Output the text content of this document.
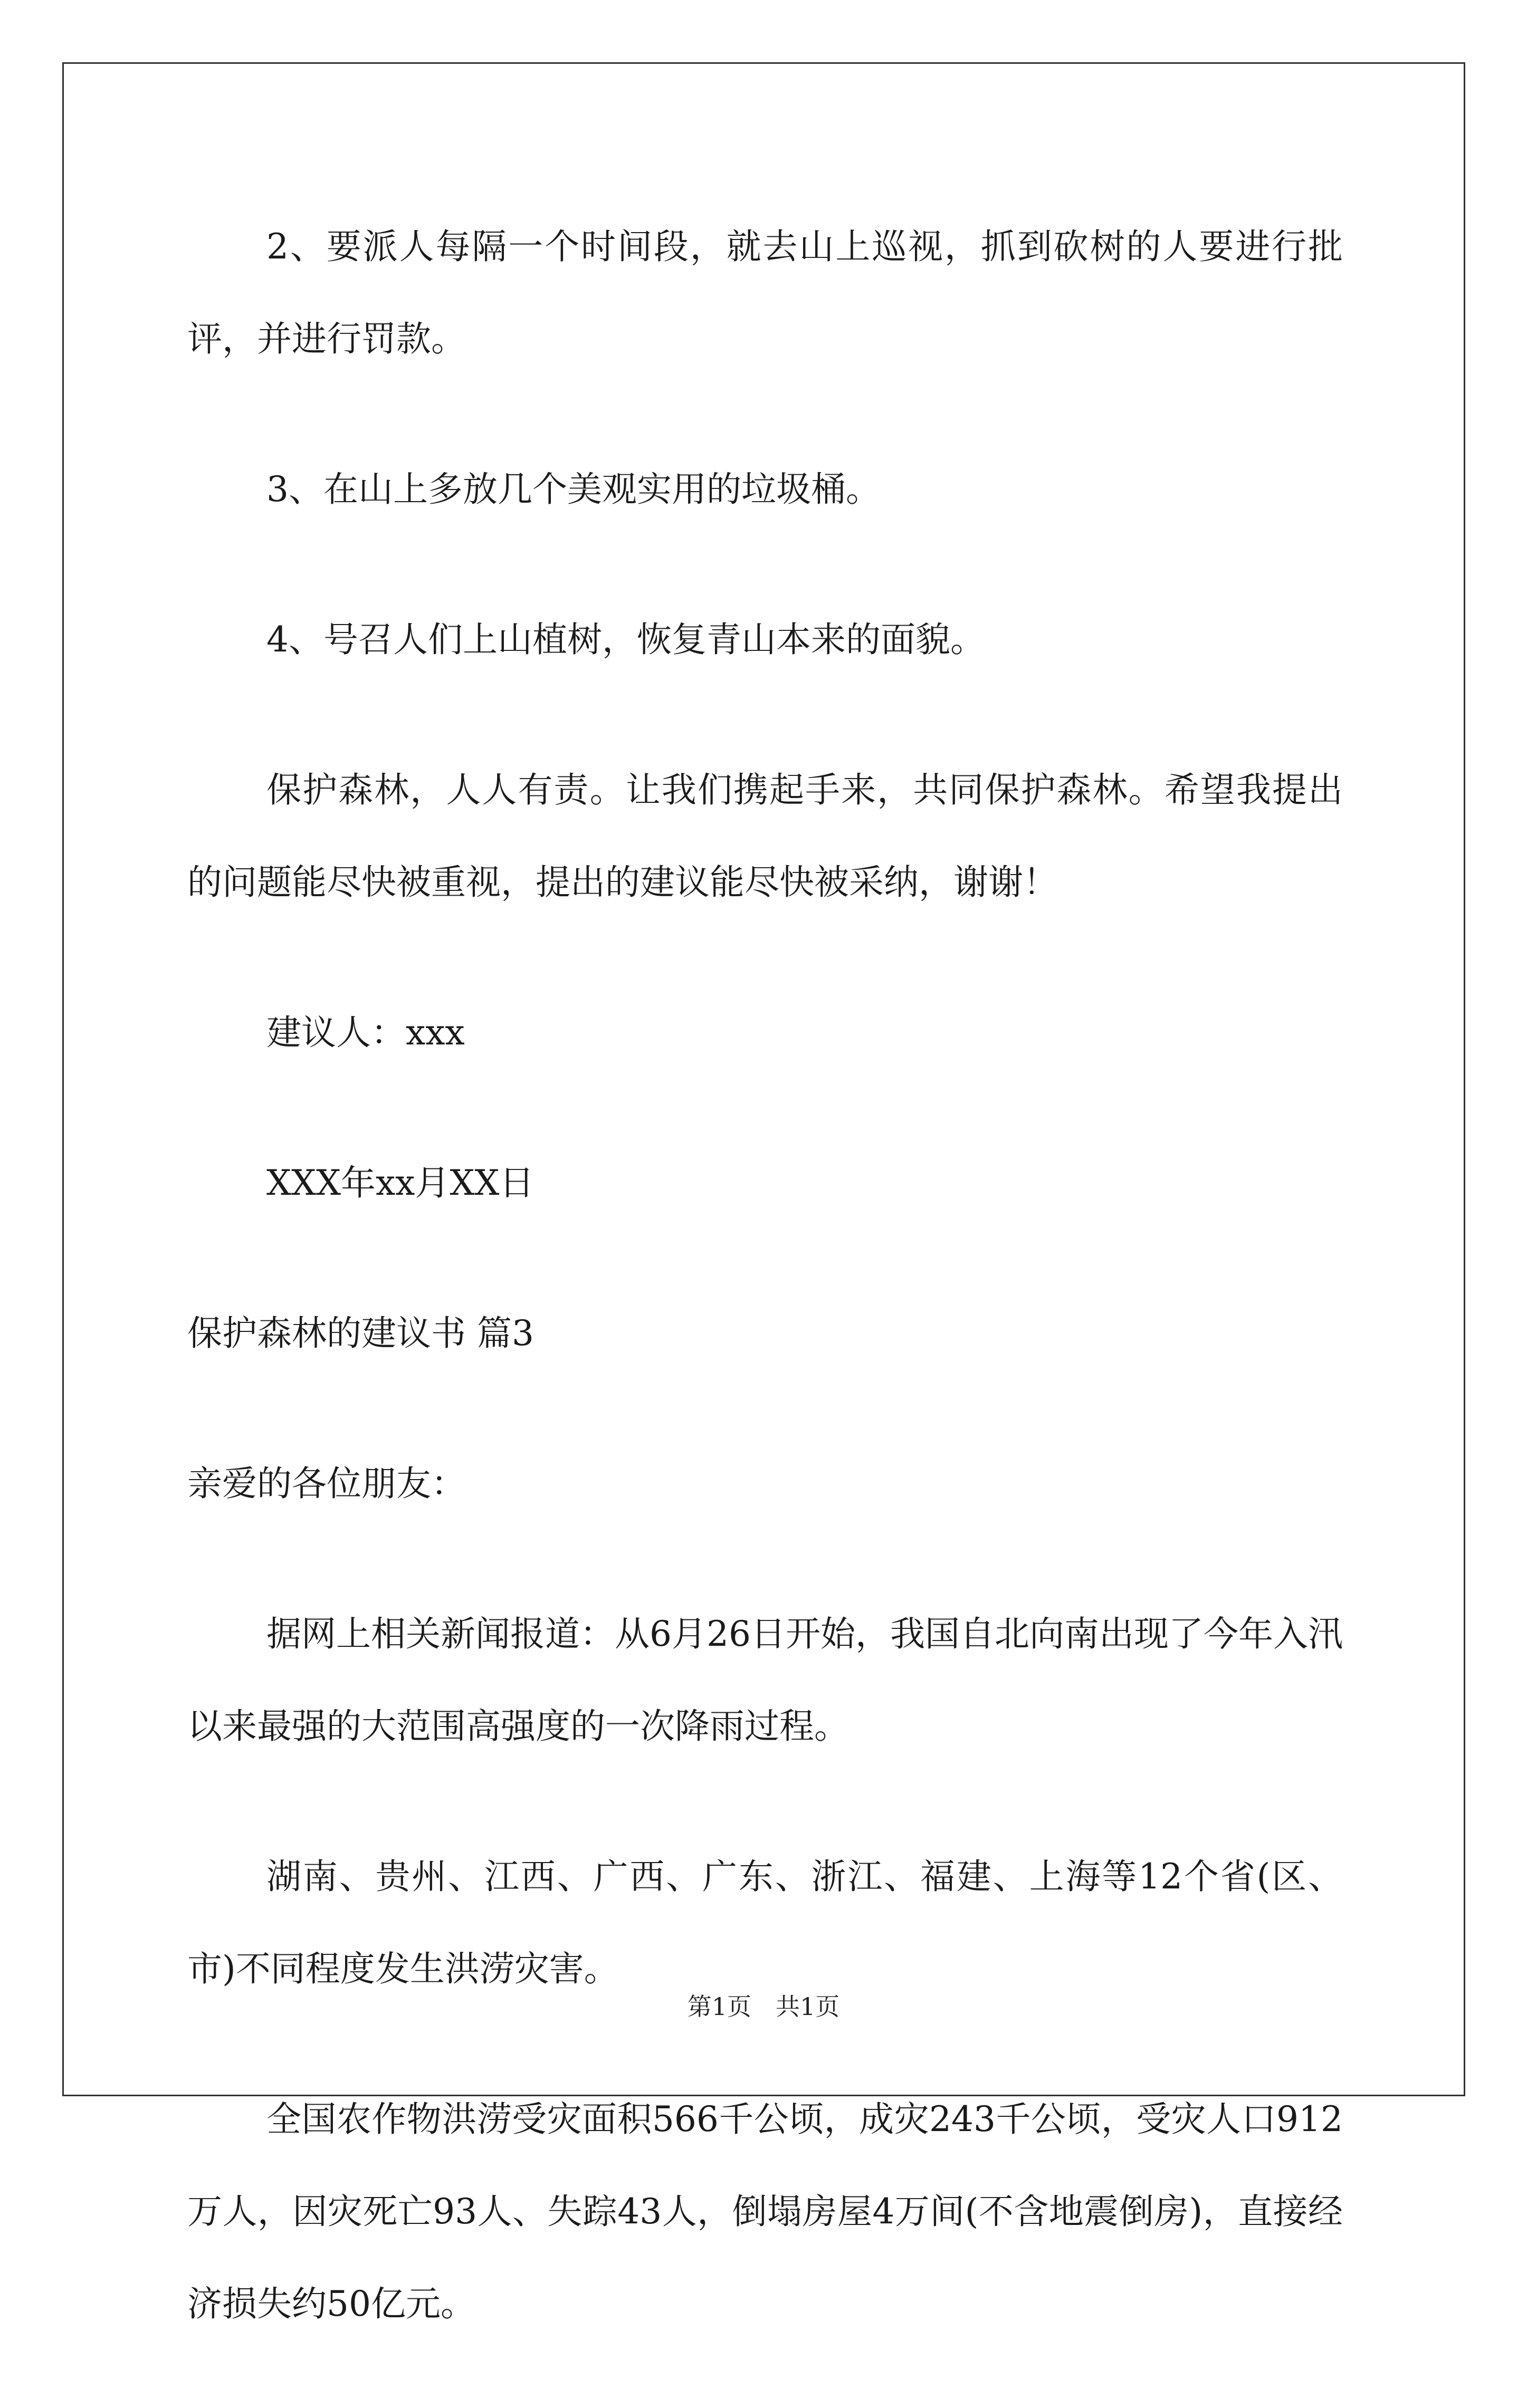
2、要派人每隔一个时间段，就去山上巡视，抓到砍树的人要进行批评，并进行罚款。

3、在山上多放几个美观实用的垃圾桶。

4、号召人们上山植树，恢复青山本来的面貌。

保护森林，人人有责。让我们携起手来，共同保护森林。希望我提出的问题能尽快被重视，提出的建议能尽快被采纳，谢谢！

建议人：xxx

XXX年xx月XX日

保护森林的建议书 篇3

亲爱的各位朋友：

据网上相关新闻报道：从6月26日开始，我国自北向南出现了今年入汛以来最强的大范围高强度的一次降雨过程。

湖南、贵州、江西、广西、广东、浙江、福建、上海等12个省(区、市)不同程度发生洪涝灾害。

全国农作物洪涝受灾面积566千公顷，成灾243千公顷，受灾人口912万人，因灾死亡93人、失踪43人，倒塌房屋4万间(不含地震倒房)，直接经济损失约50亿元。

第1页　共1页
